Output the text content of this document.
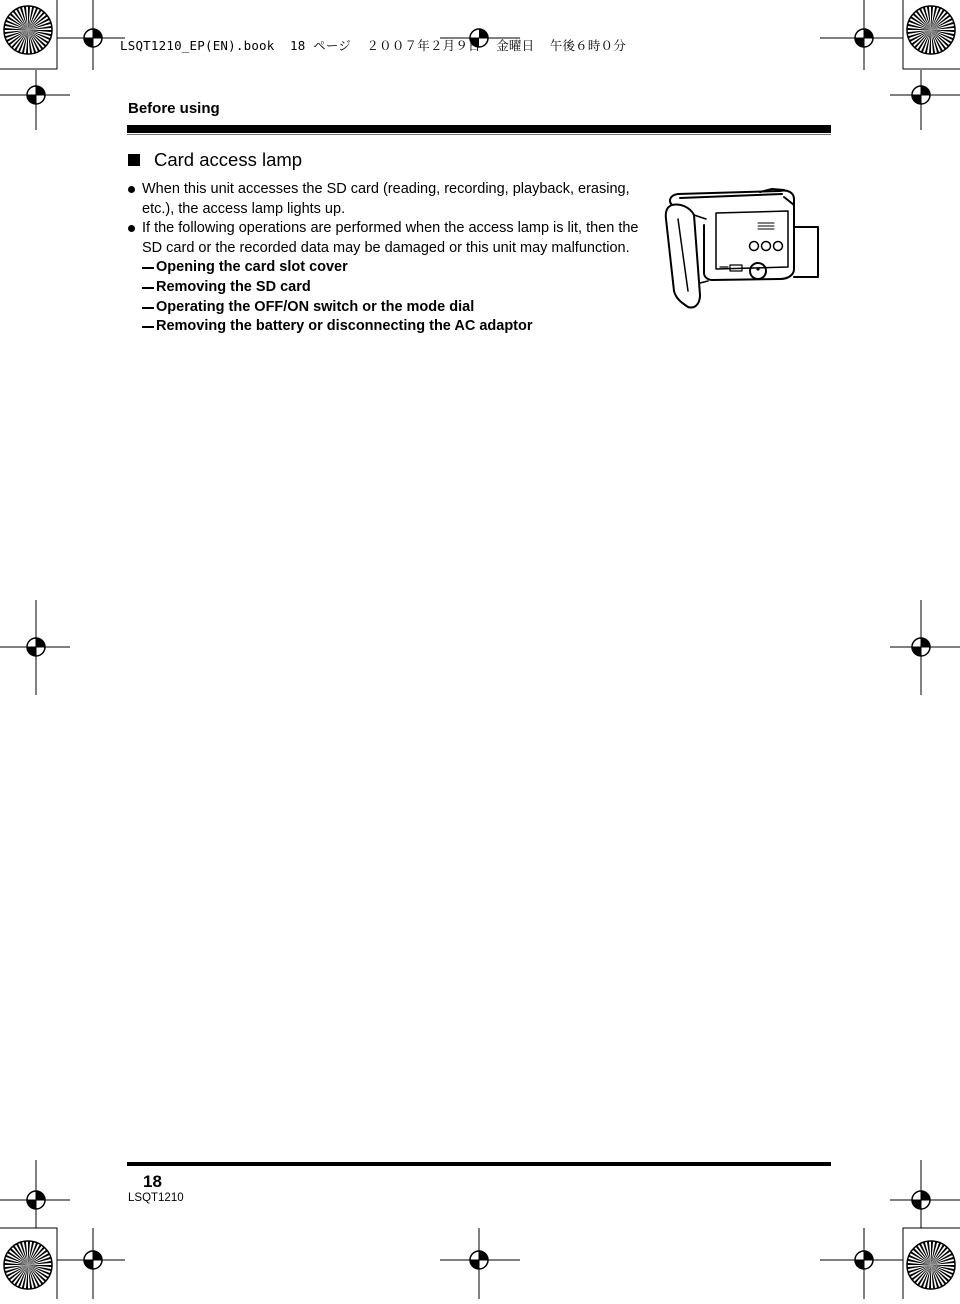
LSQT1210_EP(EN).book  18 ページ  ２００７年２月９日  金曜日  午後６時０分
Before using
Card access lamp
When this unit accesses the SD card (reading, recording, playback, erasing, etc.), the access lamp lights up.
If the following operations are performed when the access lamp is lit, then the SD card or the recorded data may be damaged or this unit may malfunction.
Opening the card slot cover
Removing the SD card
Operating the OFF/ON switch or the mode dial
Removing the battery or disconnecting the AC adaptor
18
LSQT1210
